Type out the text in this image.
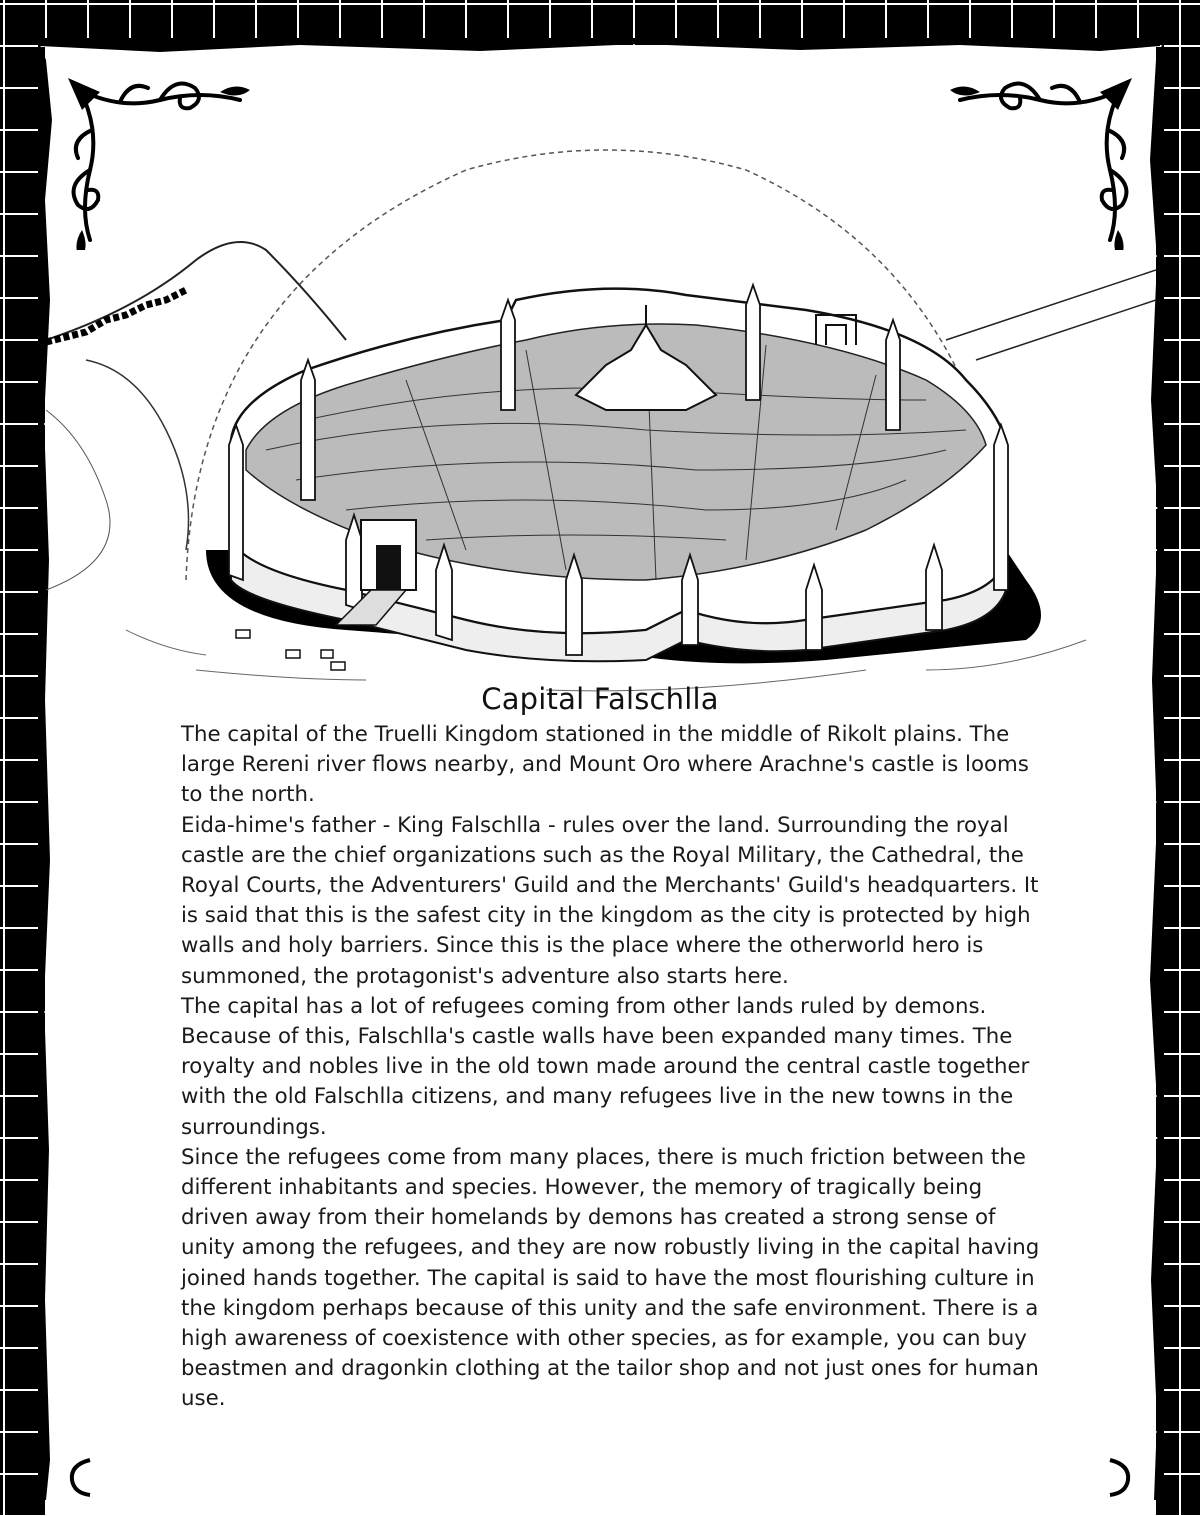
Capital Falschlla

The capital of the Truelli Kingdom stationed in the middle of Rikolt plains. The large Rereni river flows nearby, and Mount Oro where Arachne's castle is looms to the north.

Eida-hime's father - King Falschlla - rules over the land. Surrounding the royal castle are the chief organizations such as the Royal Military, the Cathedral, the Royal Courts, the Adventurers' Guild and the Merchants' Guild's headquarters. It is said that this is the safest city in the kingdom as the city is protected by high walls and holy barriers. Since this is the place where the otherworld hero is summoned, the protagonist's adventure also starts here.

The capital has a lot of refugees coming from other lands ruled by demons. Because of this, Falschlla's castle walls have been expanded many times. The royalty and nobles live in the old town made around the central castle together with the old Falschlla citizens, and many refugees live in the new towns in the surroundings.

Since the refugees come from many places, there is much friction between the different inhabitants and species. However, the memory of tragically being driven away from their homelands by demons has created a strong sense of unity among the refugees, and they are now robustly living in the capital having joined hands together. The capital is said to have the most flourishing culture in the kingdom perhaps because of this unity and the safe environment. There is a high awareness of coexistence with other species, as for example, you can buy beastmen and dragonkin clothing at the tailor shop and not just ones for human use.
